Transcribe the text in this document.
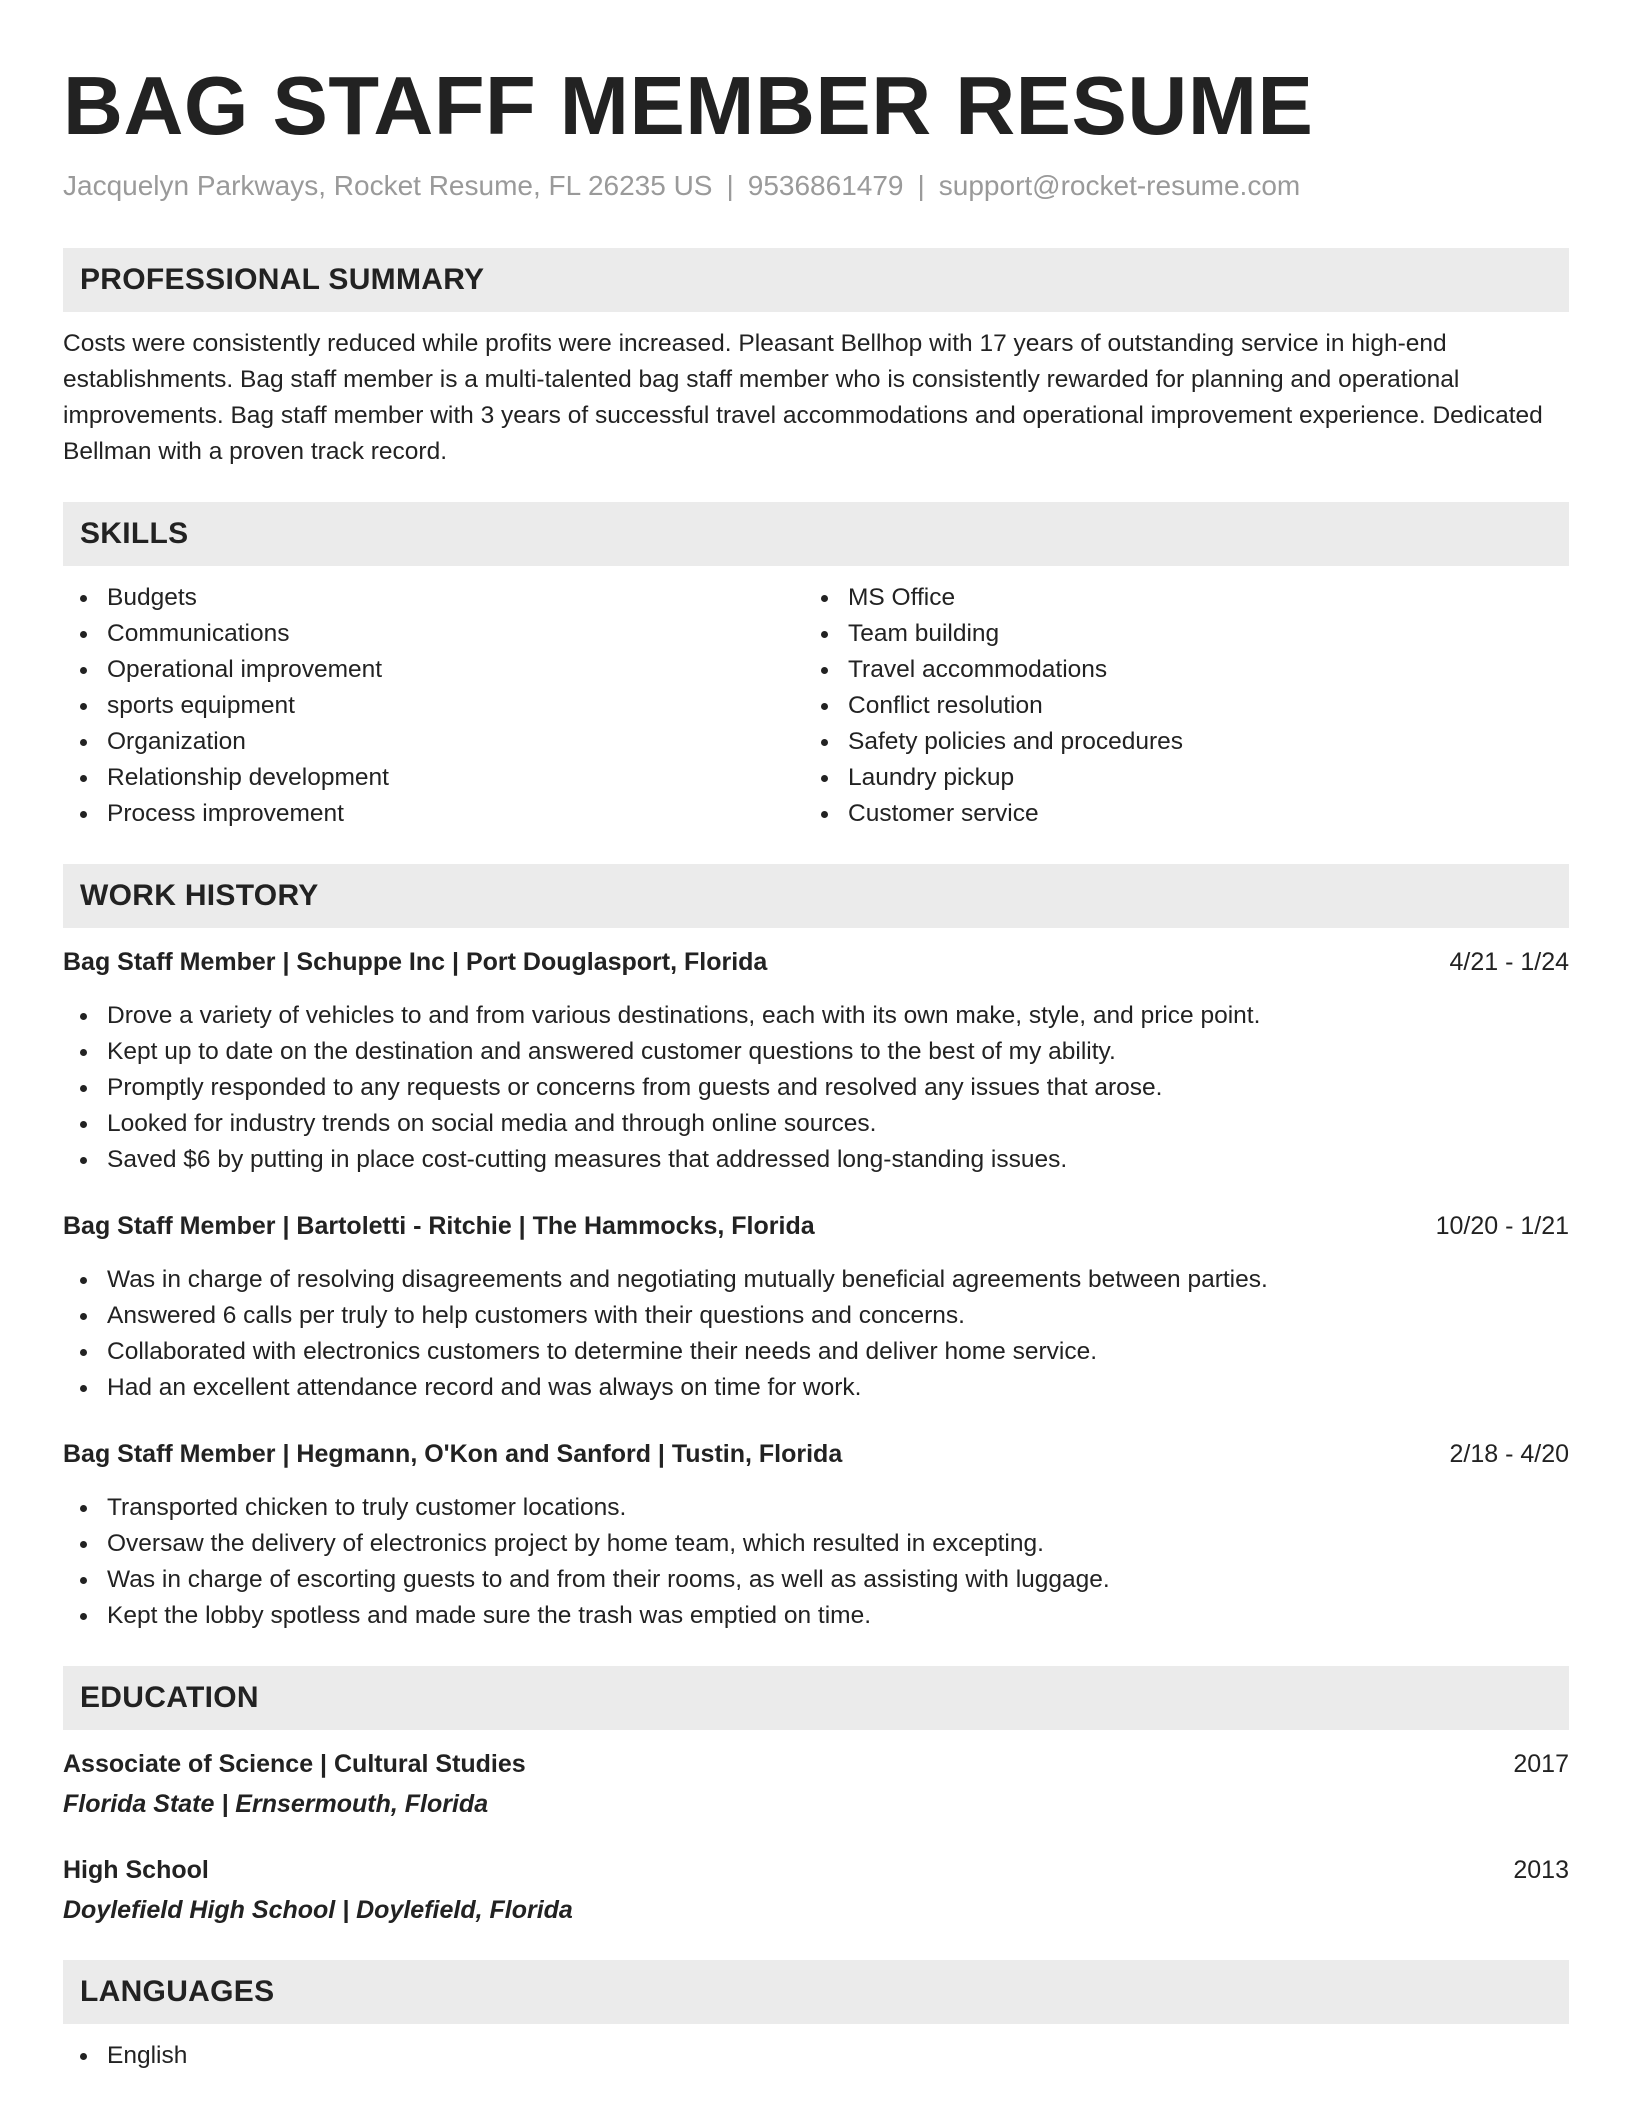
BAG STAFF MEMBER RESUME
Jacquelyn Parkways, Rocket Resume, FL 26235 US | 9536861479 | support@rocket-resume.com
PROFESSIONAL SUMMARY

Costs were consistently reduced while profits were increased. Pleasant Bellhop with 17 years of outstanding service in high-end establishments. Bag staff member is a multi-talented bag staff member who is consistently rewarded for planning and operational improvements. Bag staff member with 3 years of successful travel accommodations and operational improvement experience. Dedicated Bellman with a proven track record.

SKILLS
Budgets
Communications
Operational improvement
sports equipment
Organization
Relationship development
Process improvement
MS Office
Team building
Travel accommodations
Conflict resolution
Safety policies and procedures
Laundry pickup
Customer service
WORK HISTORY
Bag Staff Member | Schuppe Inc | Port Douglasport, Florida	4/21 - 1/24
Drove a variety of vehicles to and from various destinations, each with its own make, style, and price point.
Kept up to date on the destination and answered customer questions to the best of my ability.
Promptly responded to any requests or concerns from guests and resolved any issues that arose.
Looked for industry trends on social media and through online sources.
Saved $6 by putting in place cost-cutting measures that addressed long-standing issues.
Bag Staff Member | Bartoletti - Ritchie | The Hammocks, Florida	10/20 - 1/21
Was in charge of resolving disagreements and negotiating mutually beneficial agreements between parties.
Answered 6 calls per truly to help customers with their questions and concerns.
Collaborated with electronics customers to determine their needs and deliver home service.
Had an excellent attendance record and was always on time for work.
Bag Staff Member | Hegmann, O'Kon and Sanford | Tustin, Florida	2/18 - 4/20
Transported chicken to truly customer locations.
Oversaw the delivery of electronics project by home team, which resulted in excepting.
Was in charge of escorting guests to and from their rooms, as well as assisting with luggage.
Kept the lobby spotless and made sure the trash was emptied on time.
EDUCATION
Associate of Science | Cultural Studies	2017
Florida State | Ernsermouth, Florida
High School	2013
Doylefield High School | Doylefield, Florida
LANGUAGES
English
